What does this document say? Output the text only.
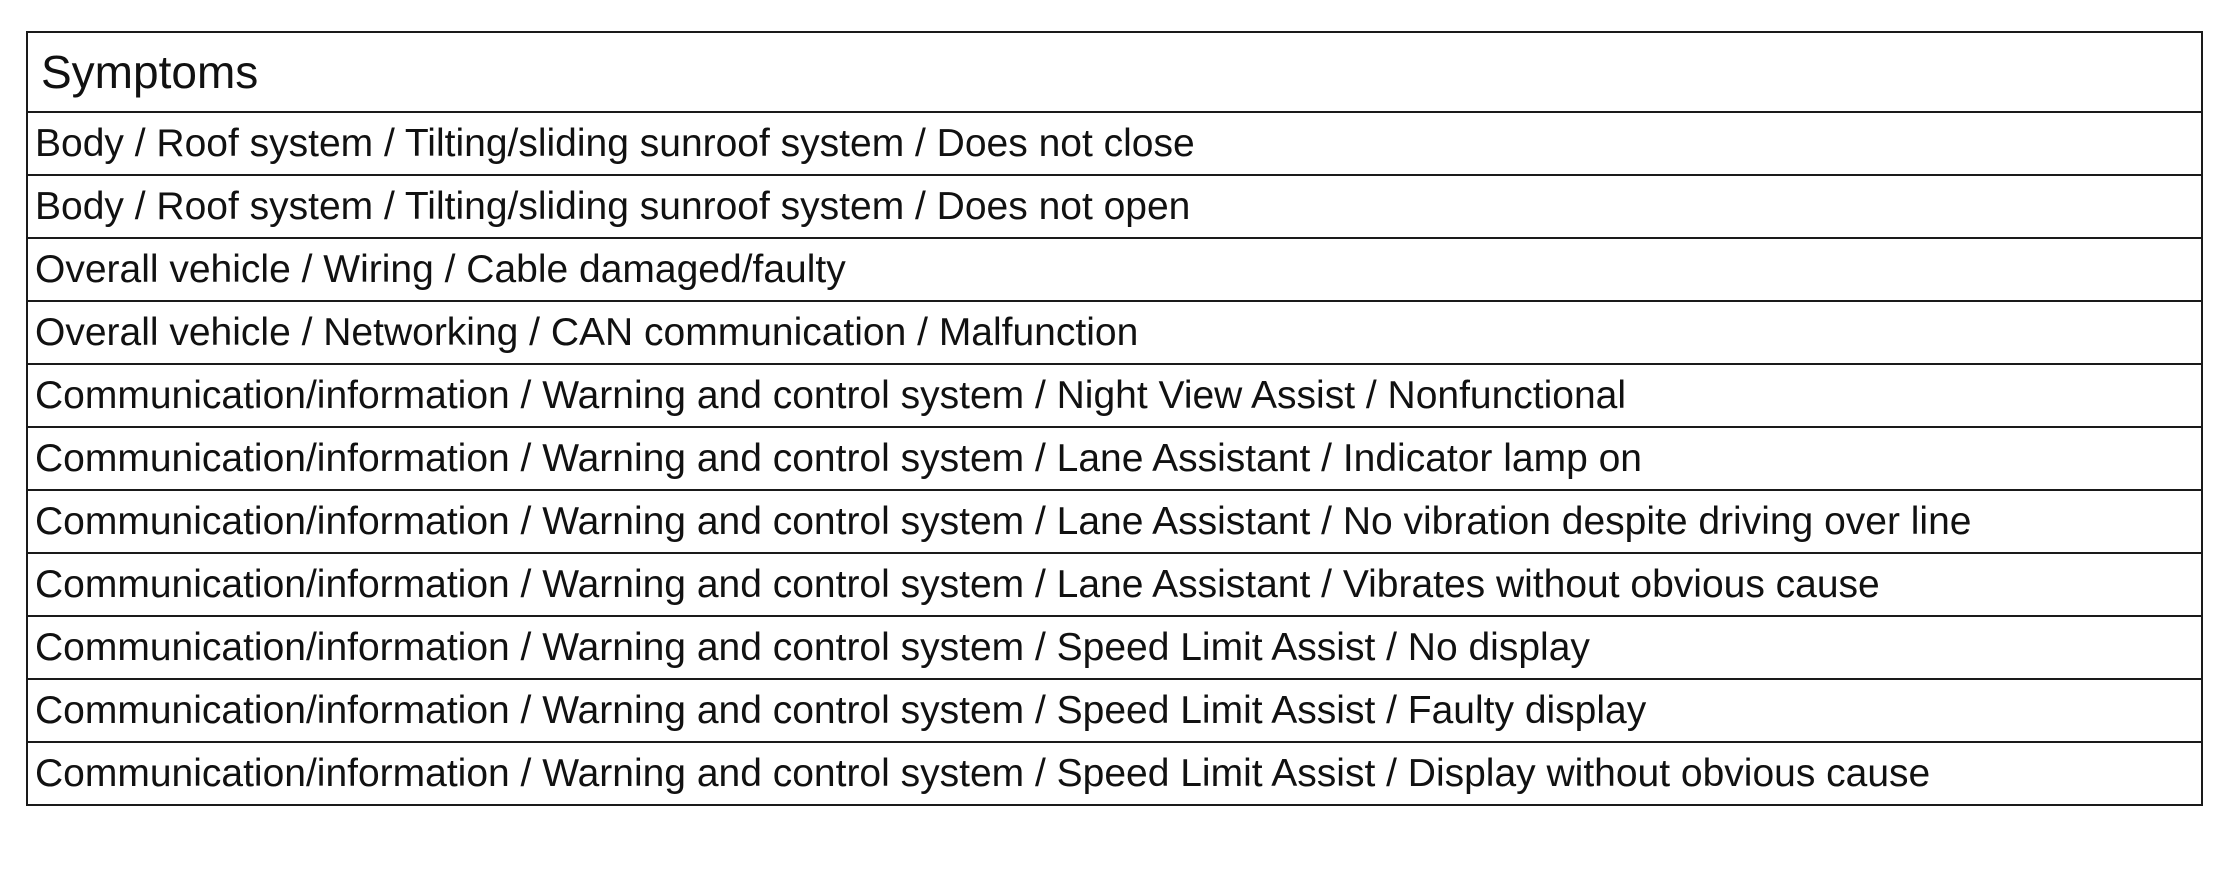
Symptoms
Body / Roof system / Tilting/sliding sunroof system / Does not close
Body / Roof system / Tilting/sliding sunroof system / Does not open
Overall vehicle / Wiring / Cable damaged/faulty
Overall vehicle / Networking / CAN communication / Malfunction
Communication/information / Warning and control system / Night View Assist / Nonfunctional
Communication/information / Warning and control system / Lane Assistant / Indicator lamp on
Communication/information / Warning and control system / Lane Assistant / No vibration despite driving over line
Communication/information / Warning and control system / Lane Assistant / Vibrates without obvious cause
Communication/information / Warning and control system / Speed Limit Assist / No display
Communication/information / Warning and control system / Speed Limit Assist / Faulty display
Communication/information / Warning and control system / Speed Limit Assist / Display without obvious cause
